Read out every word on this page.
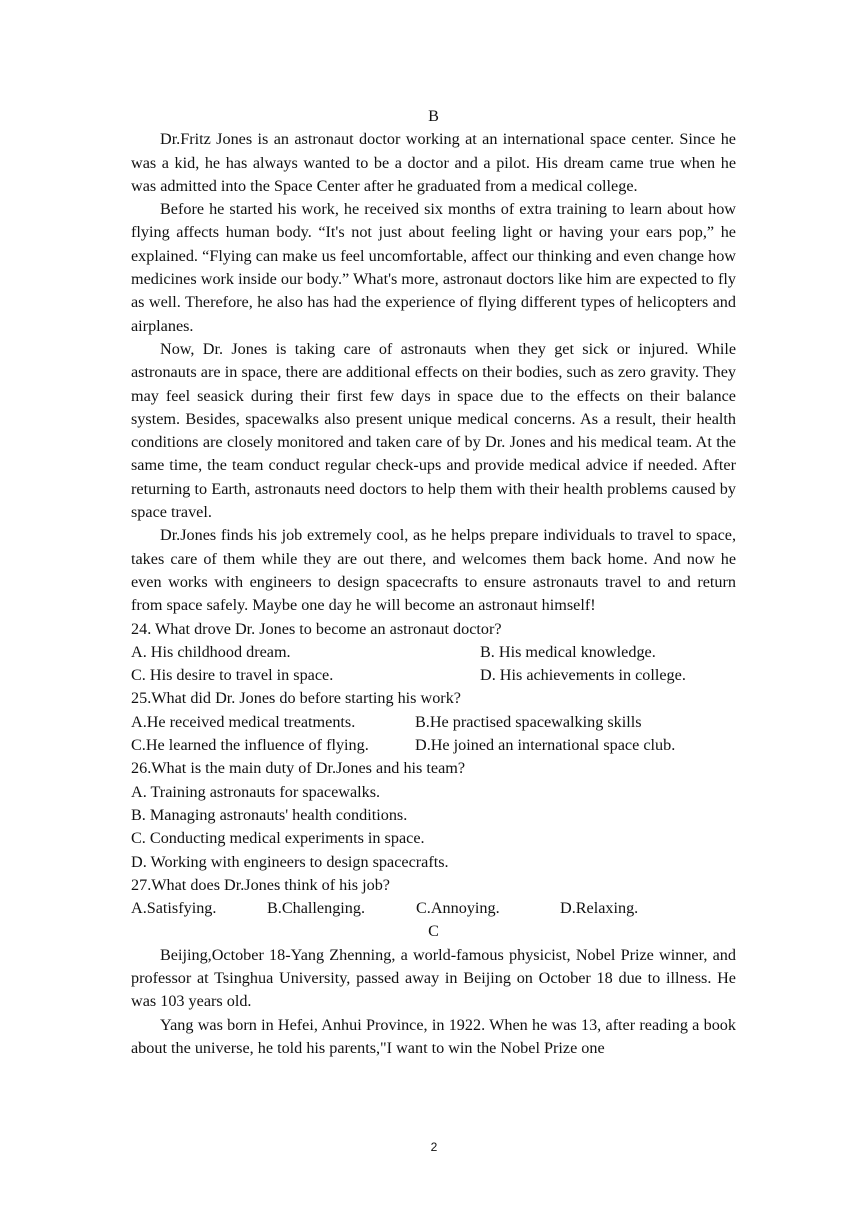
B

Dr.Fritz Jones is an astronaut doctor working at an international space center. Since he was a kid, he has always wanted to be a doctor and a pilot. His dream came true when he was admitted into the Space Center after he graduated from a medical college.

Before he started his work, he received six months of extra training to learn about how flying affects human body. “It's not just about feeling light or having your ears pop,” he explained. “Flying can make us feel uncomfortable, affect our thinking and even change how medicines work inside our body.” What's more, astronaut doctors like him are expected to fly as well. Therefore, he also has had the experience of flying different types of helicopters and airplanes.

Now, Dr. Jones is taking care of astronauts when they get sick or injured. While astronauts are in space, there are additional effects on their bodies, such as zero gravity. They may feel seasick during their first few days in space due to the effects on their balance system. Besides, spacewalks also present unique medical concerns. As a result, their health conditions are closely monitored and taken care of by Dr. Jones and his medical team. At the same time, the team conduct regular check-ups and provide medical advice if needed. After returning to Earth, astronauts need doctors to help them with their health problems caused by space travel.

Dr.Jones finds his job extremely cool, as he helps prepare individuals to travel to space, takes care of them while they are out there, and welcomes them back home. And now he even works with engineers to design spacecrafts to ensure astronauts travel to and return from space safely. Maybe one day he will become an astronaut himself!

24. What drove Dr. Jones to become an astronaut doctor?

A. His childhood dream.	B. His medical knowledge.
C. His desire to travel in space.	D. His achievements in college.

25.What did Dr. Jones do before starting his work?

A.He received medical treatments.	B.He practised spacewalking skills
C.He learned the influence of flying.	D.He joined an international space club.

26.What is the main duty of Dr.Jones and his team?

A. Training astronauts for spacewalks.

B. Managing astronauts' health conditions.

C. Conducting medical experiments in space.

D. Working with engineers to design spacecrafts.

27.What does Dr.Jones think of his job?

A.Satisfying.	B.Challenging.	C.Annoying.	D.Relaxing.

C

Beijing,October 18-Yang Zhenning, a world-famous physicist, Nobel Prize winner, and professor at Tsinghua University, passed away in Beijing on October 18 due to illness. He was 103 years old.

Yang was born in Hefei, Anhui Province, in 1922. When he was 13, after reading a book about the universe, he told his parents,"I want to win the Nobel Prize one

2
